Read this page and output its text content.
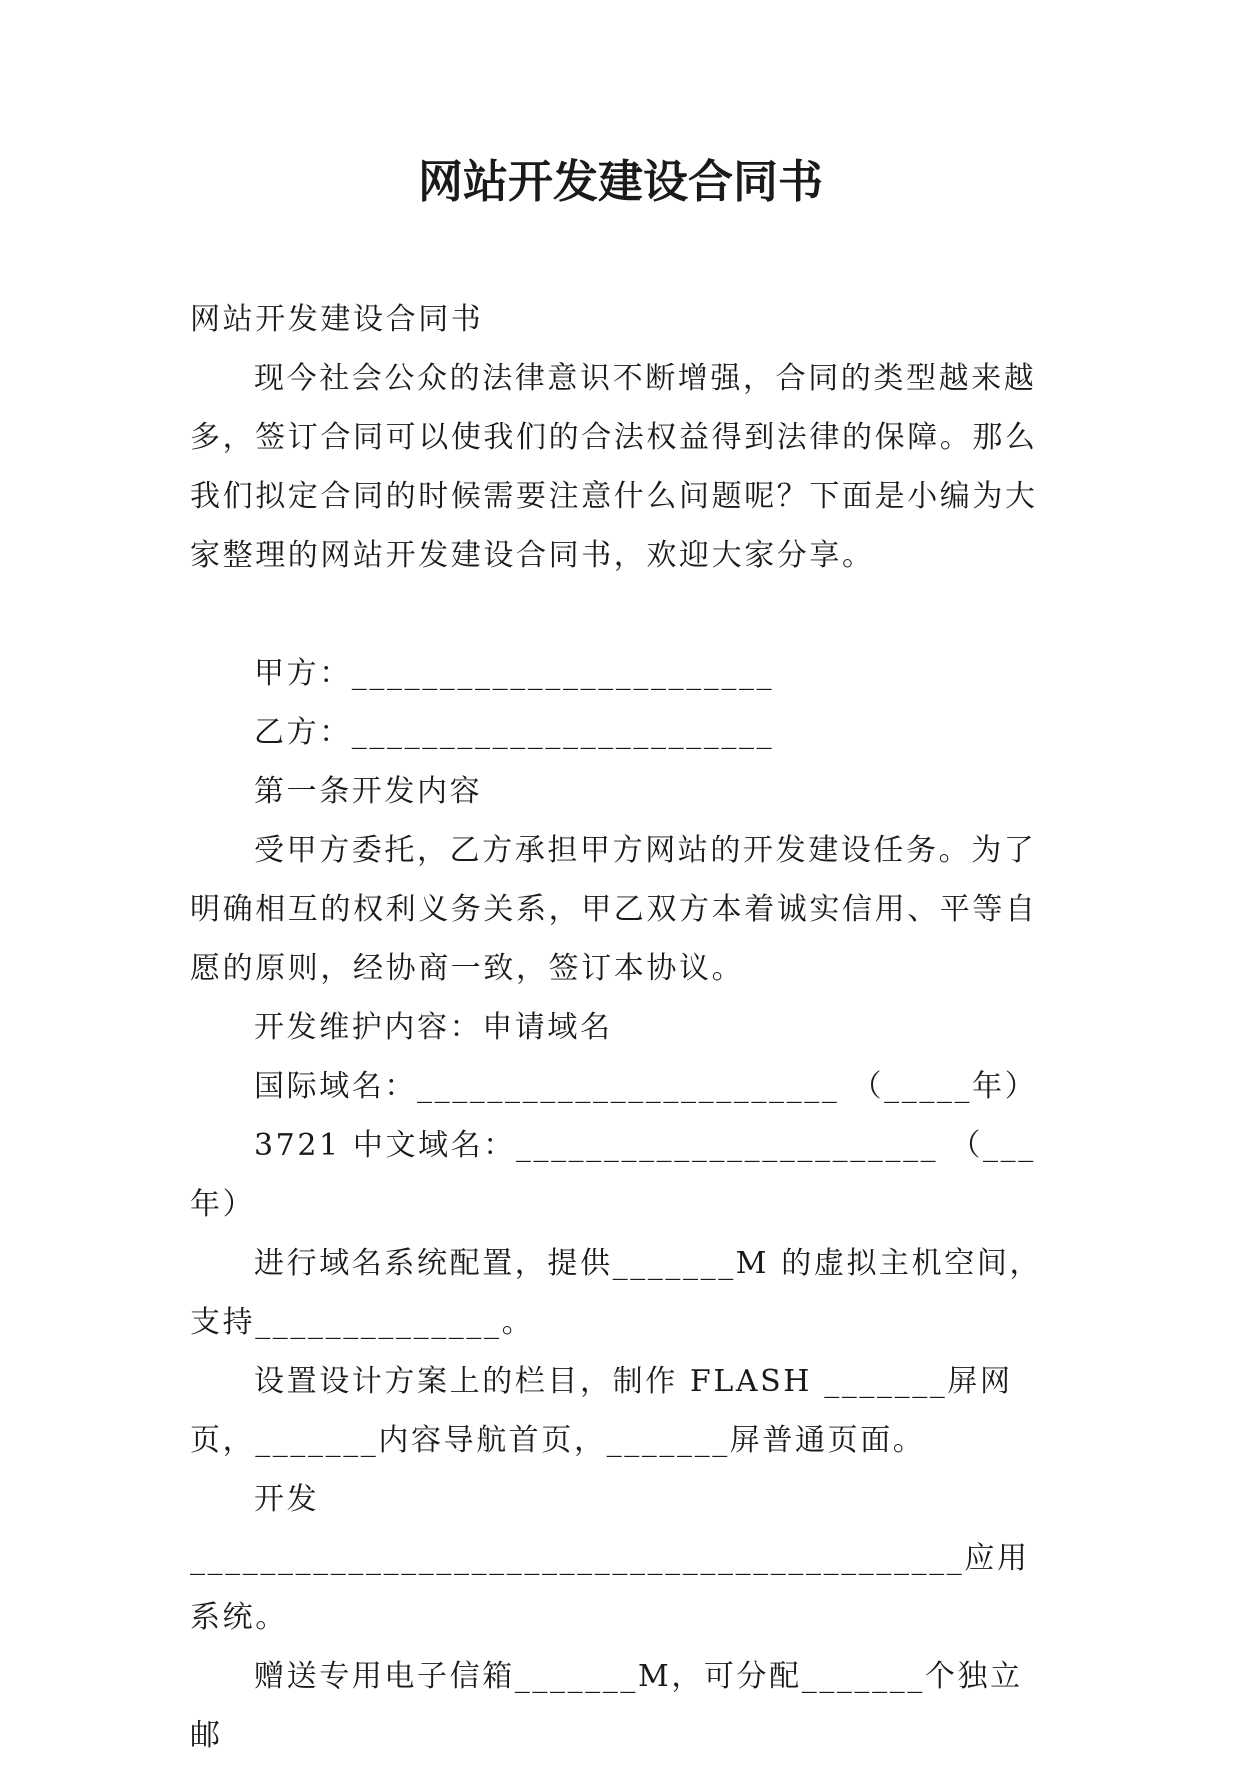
网站开发建设合同书

网站开发建设合同书

现今社会公众的法律意识不断增强，合同的类型越来越多，签订合同可以使我们的合法权益得到法律的保障。那么我们拟定合同的时候需要注意什么问题呢？下面是小编为大家整理的网站开发建设合同书，欢迎大家分享。

甲方：________________________

乙方：________________________

第一条开发内容

受甲方委托，乙方承担甲方网站的开发建设任务。为了明确相互的权利义务关系，甲乙双方本着诚实信用、平等自愿的原则，经协商一致，签订本协议。

开发维护内容：申请域名

国际域名：________________________ （_____年）

3721 中文域名：________________________ （___年）

进行域名系统配置，提供_______M 的虚拟主机空间，支持______________。

设置设计方案上的栏目，制作 FLASH _______屏网页，_______内容导航首页，_______屏普通页面。

开发____________________________________________应用系统。

赠送专用电子信箱_______M，可分配_______个独立邮
